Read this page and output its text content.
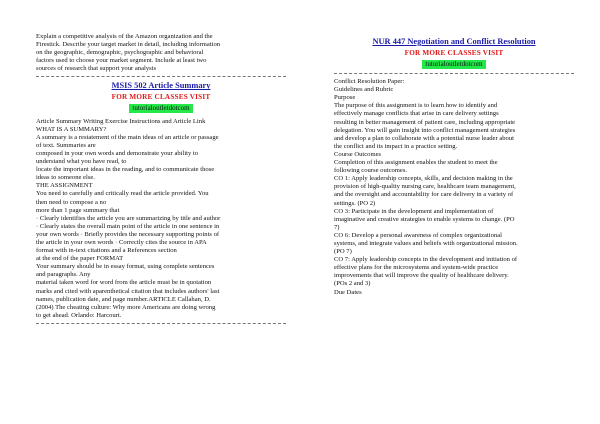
Explain a competitive analysis of the Amazon organization and the
Firestick. Describe your target market in detail, including information
on the geographic, demographic, psychographic and behavioral
factors used to choose your market segment. Include at least two
sources of research that support your analysis

MSIS 502 Article Summary
FOR MORE CLASSES VISIT
tutorialoutletdotcom

Article Summary Writing Exercise Instructions and Article Link
WHAT IS A SUMMARY?
A summary is a restatement of the main ideas of an article or passage
of text. Summaries are
composed in your own words and demonstrate your ability to
understand what you have read, to
locate the important ideas in the reading, and to communicate those
ideas to someone else.
THE ASSIGNMENT
You need to carefully and critically read the article provided. You
then need to compose a no
more than 1 page summary that
· Clearly identifies the article you are summarizing by title and author
· Clearly states the overall main point of the article in one sentence in
your own words · Briefly provides the necessary supporting points of
the article in your own words · Correctly cites the source in APA
format with in-text citations and a References section
at the end of the paper FORMAT
Your summary should be in essay format, using complete sentences
and paragraphs. Any
material taken word for word from the article must be in quotation
marks and cited with aparenthetical citation that includes authors' last
names, publication date, and page number.ARTICLE Callahan, D.
(2004) The cheating culture: Why more Americans are doing wrong
to get ahead. Orlando: Harcourt.

NUR 447 Negotiation and Conflict Resolution
FOR MORE CLASSES VISIT
tutorialoutletdotcom

Conflict Resolution Paper:
Guidelines and Rubric
Purpose
The purpose of this assignment is to learn how to identify and
effectively manage conflicts that arise in care delivery settings
resulting in better management of patient care, including appropriate
delegation. You will gain insight into conflict management strategies
and develop a plan to collaborate with a potential nurse leader about
the conflict and its impact in a practice setting.
Course Outcomes
Completion of this assignment enables the student to meet the
following course outcomes.
CO 1: Apply leadership concepts, skills, and decision making in the
provision of high-quality nursing care, healthcare team management,
and the oversight and accountability for care delivery in a variety of
settings. (PO 2)
CO 3: Participate in the development and implementation of
imaginative and creative strategies to enable systems to change. (PO
7)
CO 6: Develop a personal awareness of complex organizational
systems, and integrate values and beliefs with organizational mission.
(PO 7)
CO 7: Apply leadership concepts in the development and initiation of
effective plans for the microsystems and system-wide practice
improvements that will improve the quality of healthcare delivery.
(POs 2 and 3)
Due Dates
